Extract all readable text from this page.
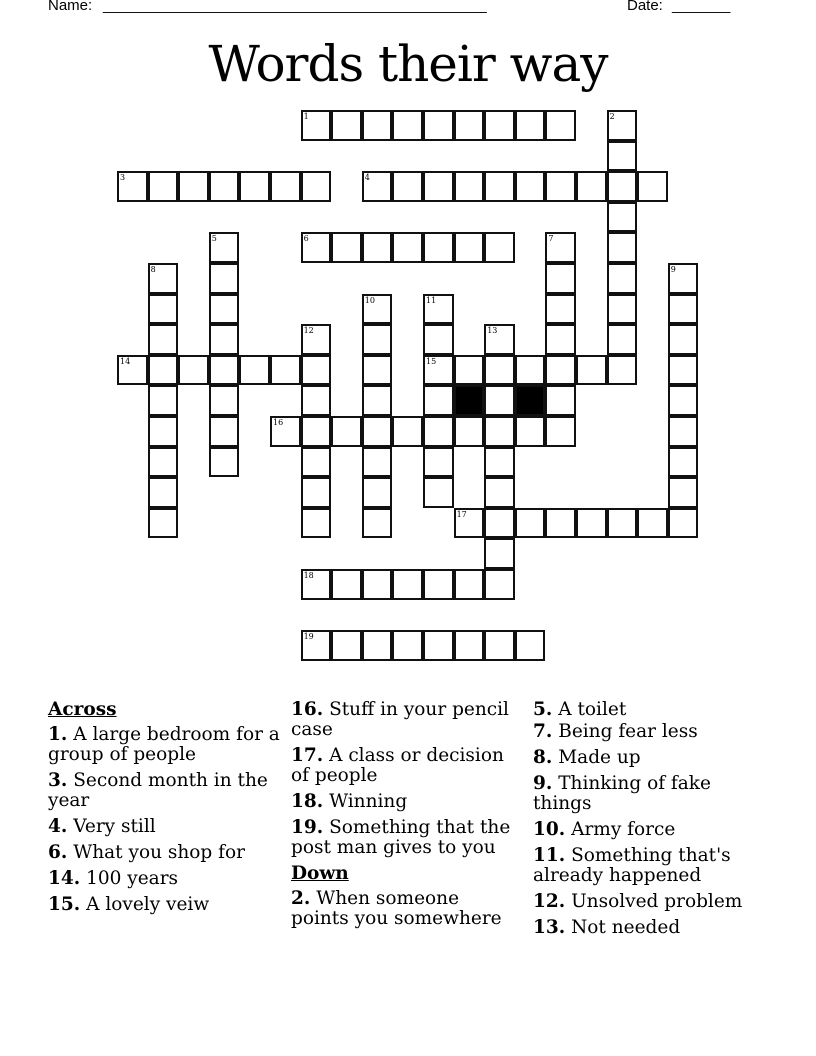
Name: ______________________________________________	Date: _______
Words their way
1	2
3	4
5	6	7
8	9
10	11
15
12	13
14
16
17
18
19
Across
1. A large bedroom for a group of people
3. Second month in the year
4. Very still
6. What you shop for
14. 100 years
15. A lovely veiw
16. Stuff in your pencil case
17. A class or decision of people
18. Winning
19. Something that the post man gives to you
Down
2. When someone points you somewhere
5. A toilet
7. Being fear less
8. Made up
9. Thinking of fake things
10. Army force
11. Something that's already happened
12. Unsolved problem
13. Not needed
